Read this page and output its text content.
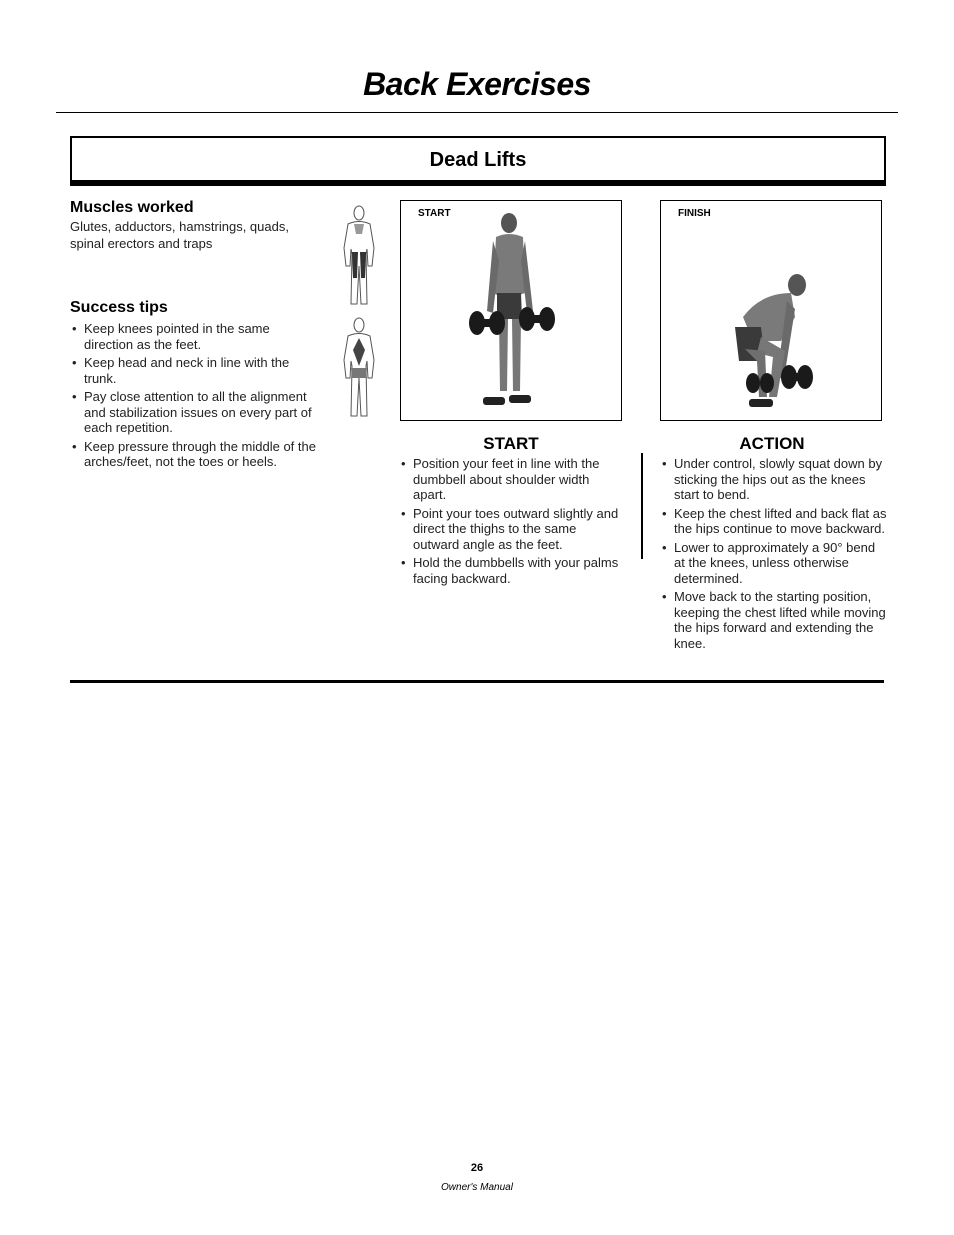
Back Exercises
Dead Lifts
Muscles worked
Glutes, adductors, hamstrings, quads,
spinal erectors and traps
Success tips
• Keep knees pointed in the same direction as the feet.
• Keep head and neck in line with the trunk.
• Pay close attention to all the alignment and stabilization issues on every part of each repetition.
• Keep pressure through the middle of the arches/feet, not the toes or heels.
START	FINISH
START
• Position your feet in line with the dumbbell about shoulder width apart.
• Point your toes outward slightly and direct the thighs to the same outward angle as the feet.
• Hold the dumbbells with your palms facing backward.
ACTION
• Under control, slowly squat down by sticking the hips out as the knees start to bend.
• Keep the chest lifted and back flat as the hips continue to move backward.
• Lower to approximately a 90° bend at the knees, unless otherwise determined.
• Move back to the starting position, keeping the chest lifted while moving the hips forward and extending the knee.
26
Owner's Manual
